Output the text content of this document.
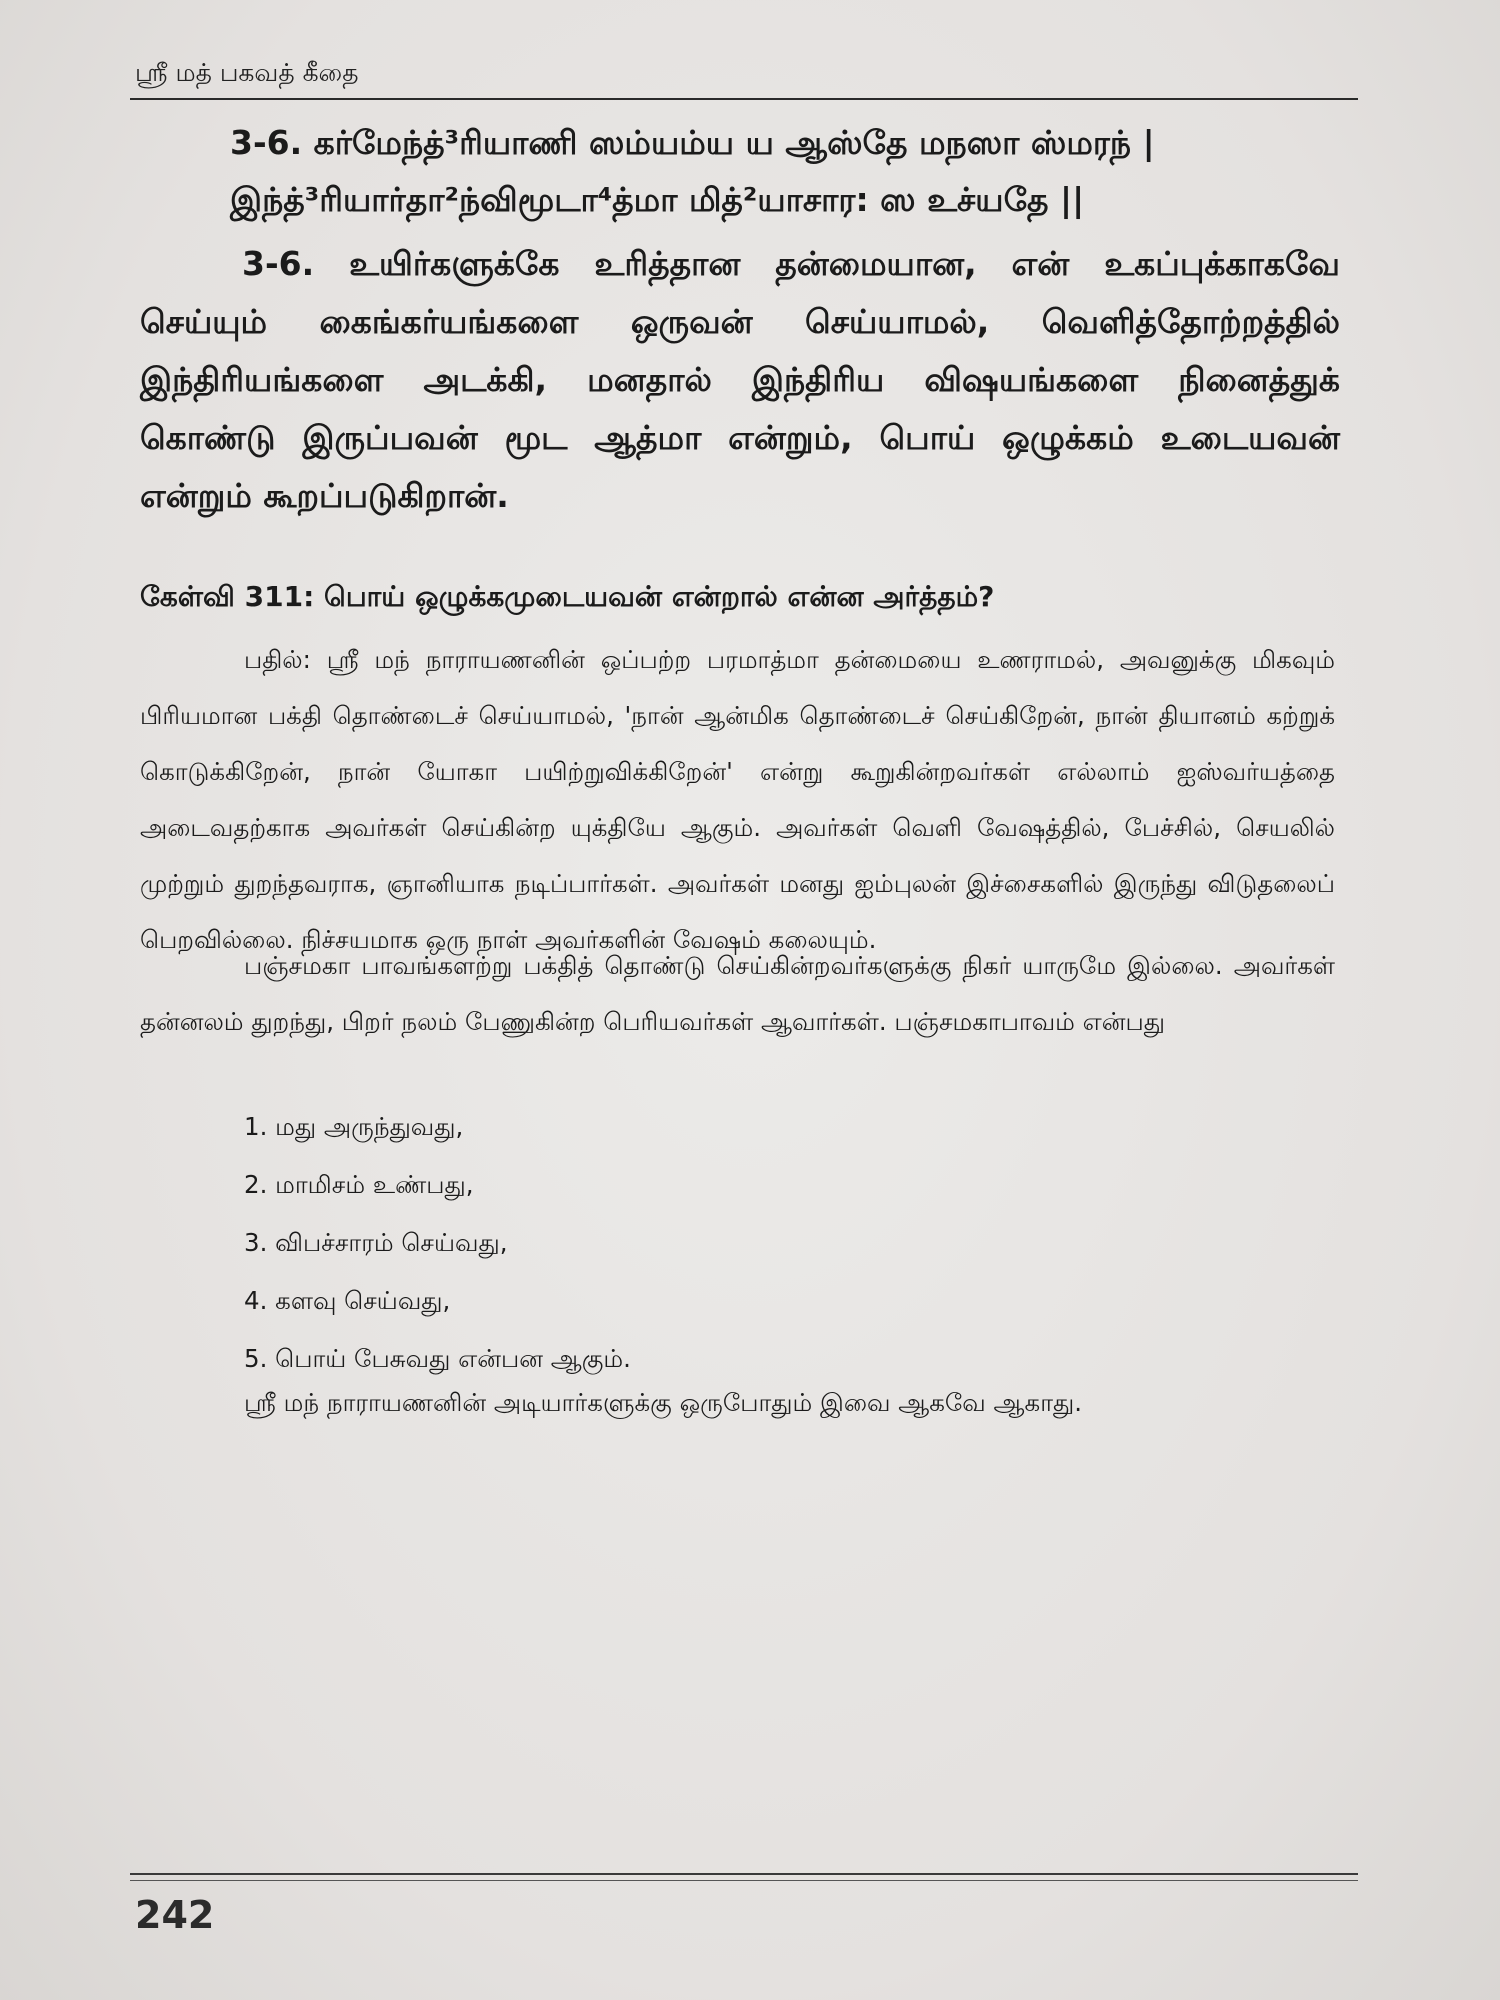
ஸ்ரீ மத் பகவத் கீதை
3-6. கர்மேந்த்³ரியாணி ஸம்யம்ய ய ஆஸ்தே மநஸா ஸ்மரந் |
இந்த்³ரியார்தா²ந்விமூடா⁴த்மா மித்²யாசார: ஸ உச்யதே ||
3-6. உயிர்களுக்கே உரித்தான தன்மையான, என் உகப்புக்காகவே செய்யும் கைங்கர்யங்களை ஒருவன் செய்யாமல், வெளித்தோற்றத்தில் இந்திரியங்களை அடக்கி, மனதால் இந்திரிய விஷயங்களை நினைத்துக் கொண்டு இருப்பவன் மூட ஆத்மா என்றும், பொய் ஒழுக்கம் உடையவன் என்றும் கூறப்படுகிறான்.
கேள்வி 311: பொய் ஒழுக்கமுடையவன் என்றால் என்ன அர்த்தம்?
பதில்: ஸ்ரீ மந் நாராயணனின் ஒப்பற்ற பரமாத்மா தன்மையை உணராமல், அவனுக்கு மிகவும் பிரியமான பக்தி தொண்டைச் செய்யாமல், 'நான் ஆன்மிக தொண்டைச் செய்கிறேன், நான் தியானம் கற்றுக் கொடுக்கிறேன், நான் யோகா பயிற்றுவிக்கிறேன்' என்று கூறுகின்றவர்கள் எல்லாம் ஐஸ்வர்யத்தை அடைவதற்காக அவர்கள் செய்கின்ற யுக்தியே ஆகும். அவர்கள் வெளி வேஷத்தில், பேச்சில், செயலில் முற்றும் துறந்தவராக, ஞானியாக நடிப்பார்கள். அவர்கள் மனது ஐம்புலன் இச்சைகளில் இருந்து விடுதலைப் பெறவில்லை. நிச்சயமாக ஒரு நாள் அவர்களின் வேஷம் கலையும்.
பஞ்சமகா பாவங்களற்று பக்தித் தொண்டு செய்கின்றவர்களுக்கு நிகர் யாருமே இல்லை. அவர்கள் தன்னலம் துறந்து, பிறர் நலம் பேணுகின்ற பெரியவர்கள் ஆவார்கள். பஞ்சமகாபாவம் என்பது
1. மது அருந்துவது,
2. மாமிசம் உண்பது,
3. விபச்சாரம் செய்வது,
4. களவு செய்வது,
5. பொய் பேசுவது என்பன ஆகும்.
ஸ்ரீ மந் நாராயணனின் அடியார்களுக்கு ஒருபோதும் இவை ஆகவே ஆகாது.
242
